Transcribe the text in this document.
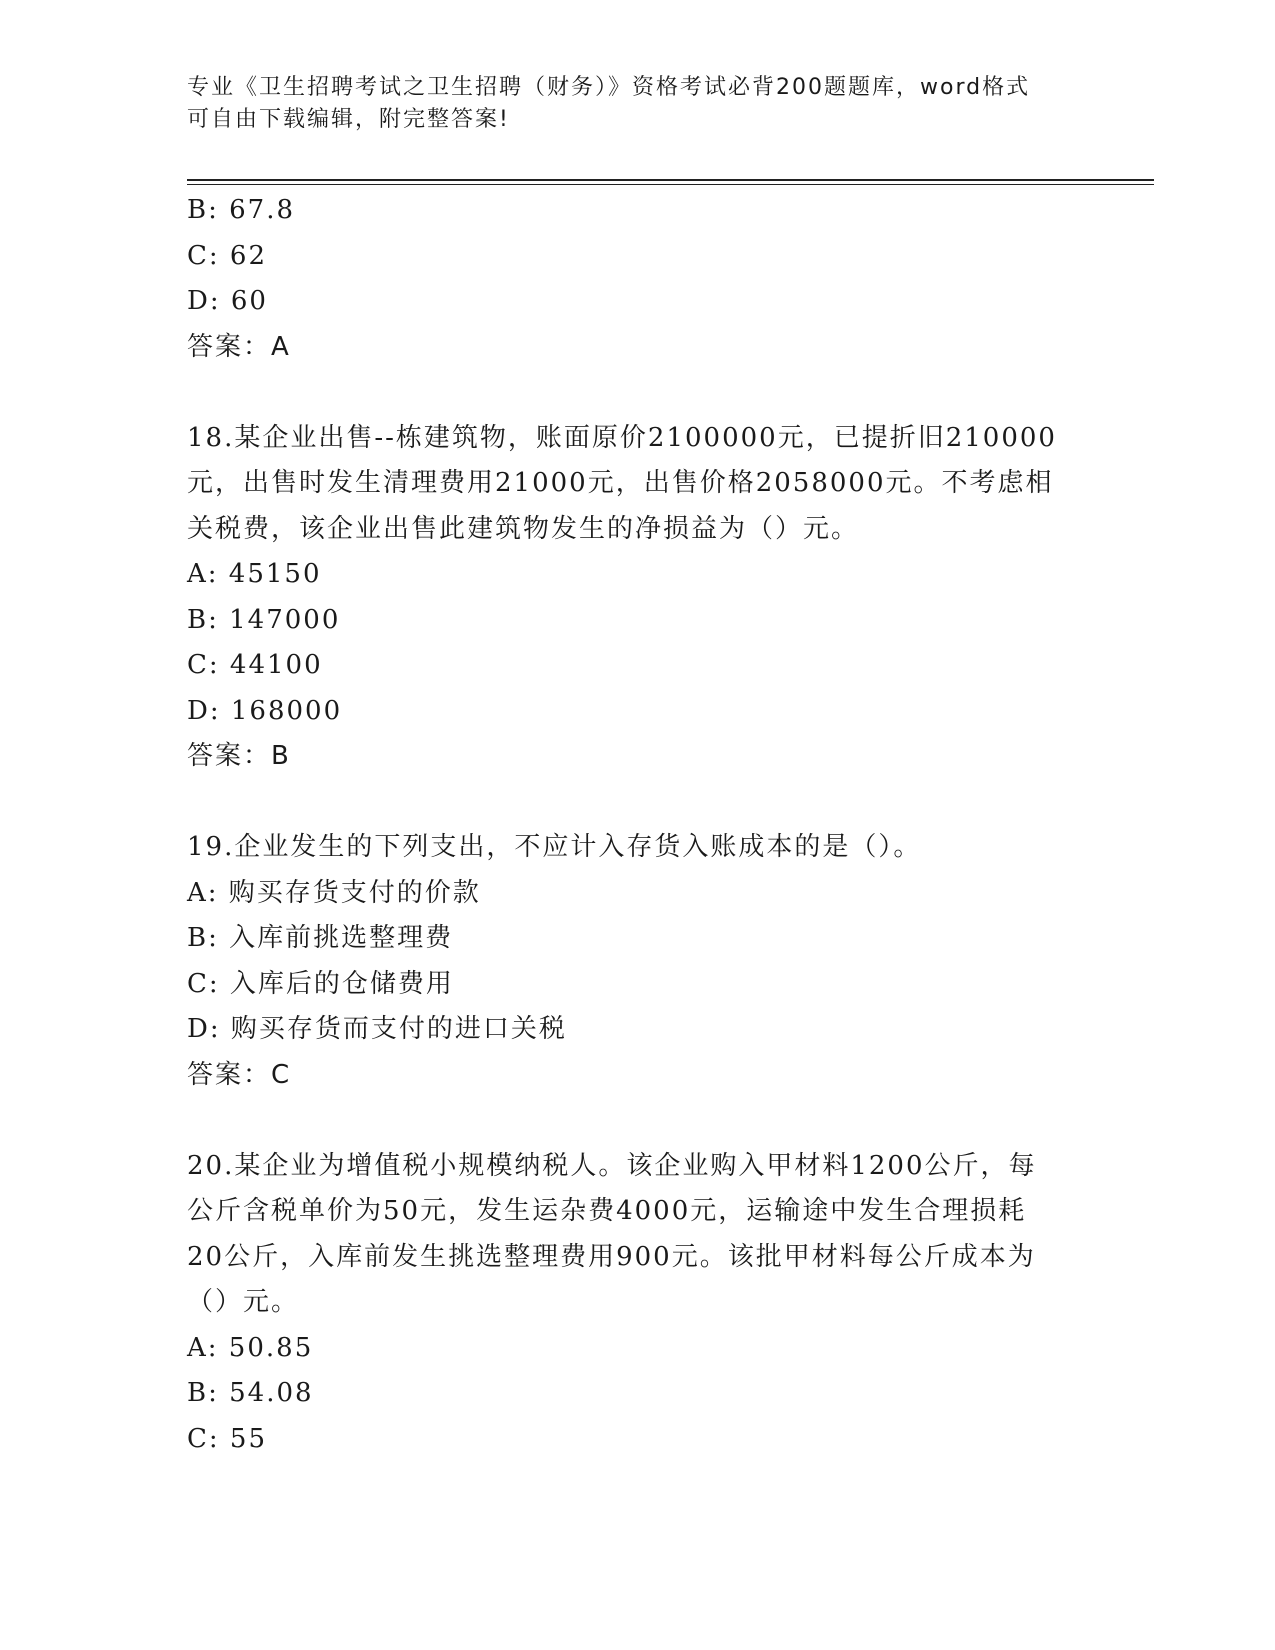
专业《卫生招聘考试之卫生招聘（财务）》资格考试必背200题题库，word格式
可自由下载编辑，附完整答案!
B: 67.8
C: 62
D: 60
答案：A
18.某企业出售--栋建筑物，账面原价2100000元，已提折旧210000
元，出售时发生清理费用21000元，出售价格2058000元。不考虑相
关税费，该企业出售此建筑物发生的净损益为（）元。
A: 45150
B: 147000
C: 44100
D: 168000
答案：B
19.企业发生的下列支出，不应计入存货入账成本的是（）。
A: 购买存货支付的价款
B: 入库前挑选整理费
C: 入库后的仓储费用
D: 购买存货而支付的进口关税
答案：C
20.某企业为增值税小规模纳税人。该企业购入甲材料1200公斤，每
公斤含税单价为50元，发生运杂费4000元，运输途中发生合理损耗
20公斤，入库前发生挑选整理费用900元。该批甲材料每公斤成本为
（）元。
A: 50.85
B: 54.08
C: 55
